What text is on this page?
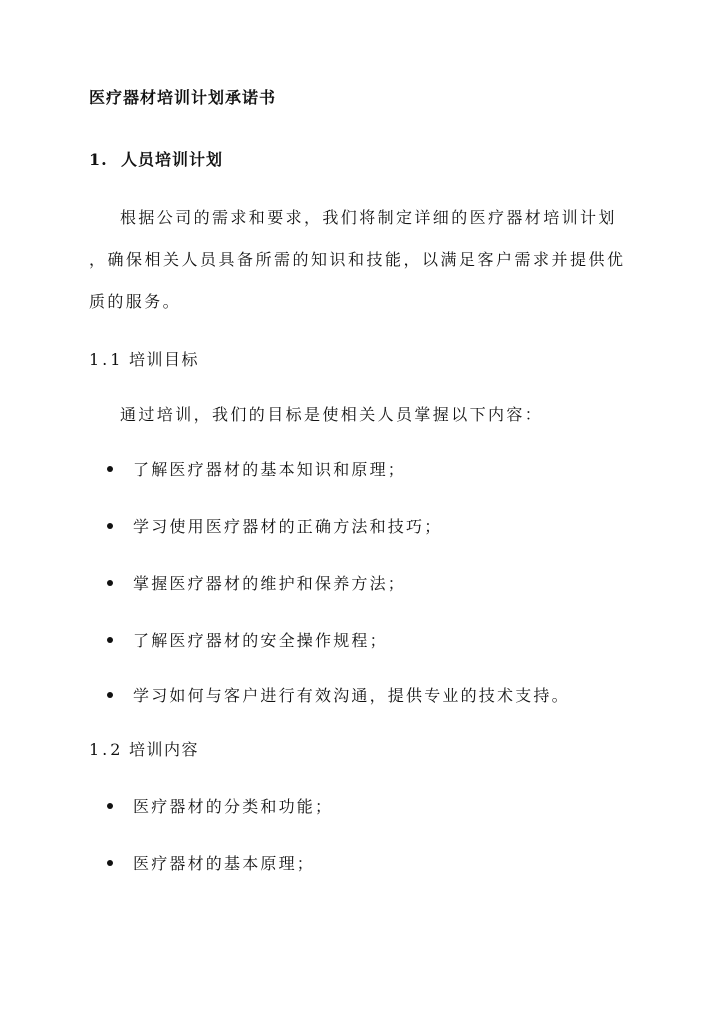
医疗器材培训计划承诺书
1. 人员培训计划
根据公司的需求和要求，我们将制定详细的医疗器材培训计划
，确保相关人员具备所需的知识和技能，以满足客户需求并提供优
质的服务。
1.1 培训目标
通过培训，我们的目标是使相关人员掌握以下内容：
了解医疗器材的基本知识和原理；
学习使用医疗器材的正确方法和技巧；
掌握医疗器材的维护和保养方法；
了解医疗器材的安全操作规程；
学习如何与客户进行有效沟通，提供专业的技术支持。
1.2 培训内容
医疗器材的分类和功能；
医疗器材的基本原理；
